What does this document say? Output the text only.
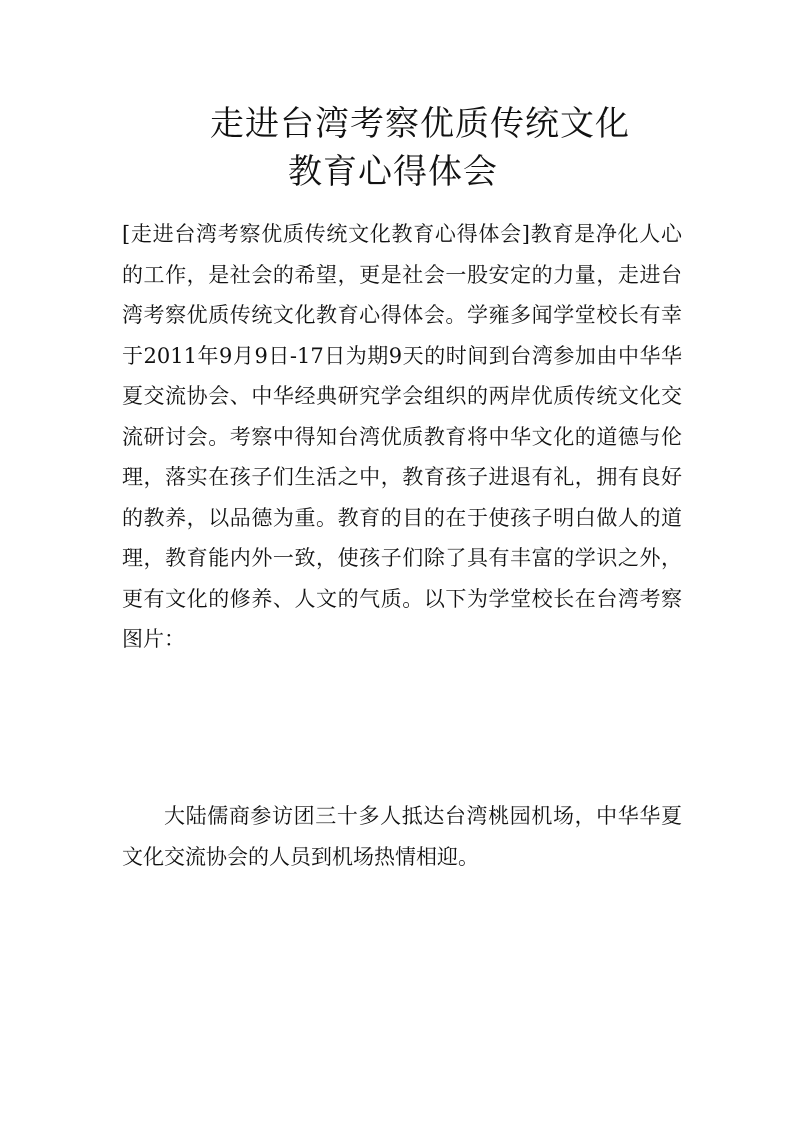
走进台湾考察优质传统文化
教育心得体会

[走进台湾考察优质传统文化教育心得体会]教育是净化人心的工作，是社会的希望，更是社会一股安定的力量，走进台湾考察优质传统文化教育心得体会。学雍多闻学堂校长有幸于2011年9月9日-17日为期9天的时间到台湾参加由中华华夏交流协会、中华经典研究学会组织的两岸优质传统文化交流研讨会。考察中得知台湾优质教育将中华文化的道德与伦理，落实在孩子们生活之中，教育孩子进退有礼，拥有良好的教养，以品德为重。教育的目的在于使孩子明白做人的道理，教育能内外一致，使孩子们除了具有丰富的学识之外，更有文化的修养、人文的气质。以下为学堂校长在台湾考察图片：

大陆儒商参访团三十多人抵达台湾桃园机场，中华华夏文化交流协会的人员到机场热情相迎。
